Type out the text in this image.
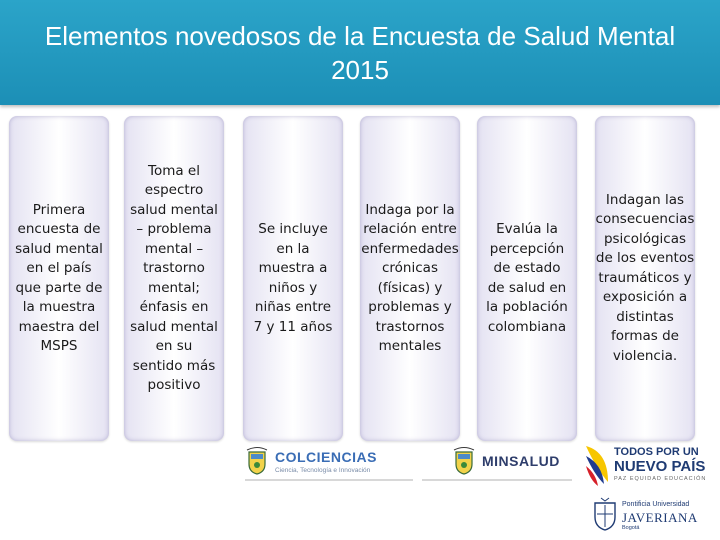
Elementos novedosos de la Encuesta de Salud Mental 2015
Primera encuesta de salud mental en el país que parte de la muestra maestra del MSPS
Toma el espectro salud mental – problema mental – trastorno mental; énfasis en salud mental en su sentido más positivo
Se incluye en la muestra a niños y niñas entre 7 y 11 años
Indaga por la relación entre enfermedades crónicas (físicas) y problemas y trastornos mentales
Evalúa la percepción de estado de salud en la población colombiana
Indagan las consecuencias psicológicas de los eventos traumáticos y exposición a distintas formas de violencia.
COLCIENCIAS
Ciencia, Tecnología e Innovación
MINSALUD
TODOS POR UN
NUEVO PAÍS
PAZ EQUIDAD EDUCACIÓN
Pontificia Universidad
JAVERIANA
Bogotá
